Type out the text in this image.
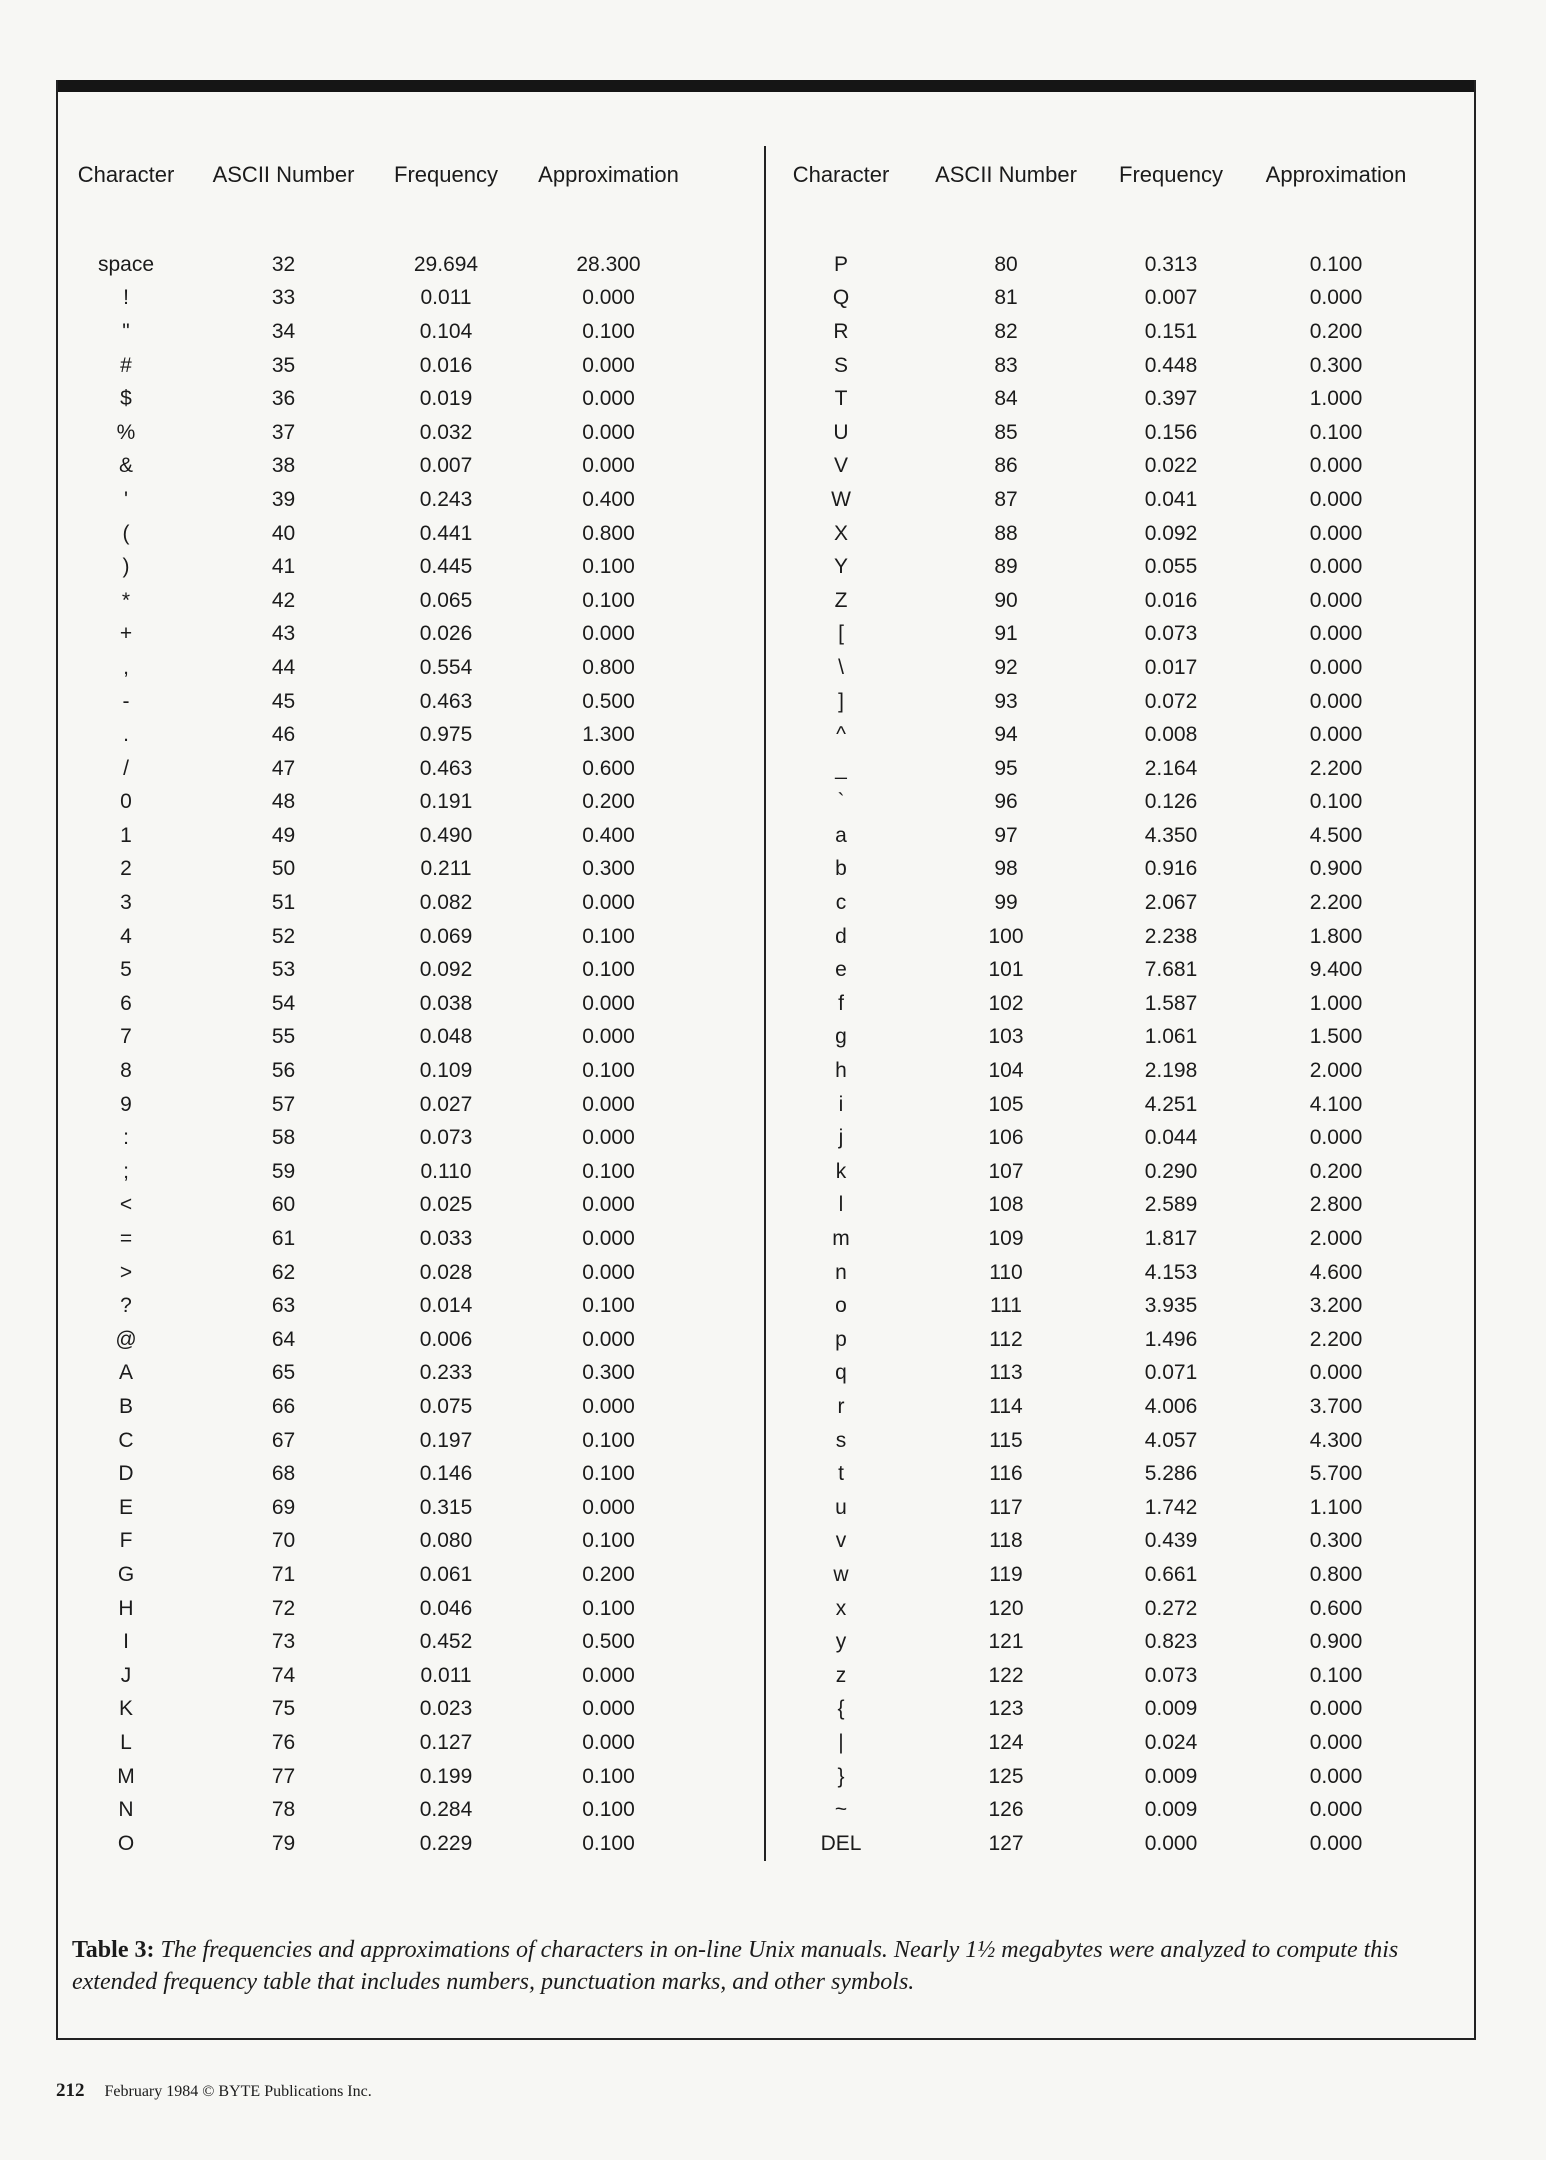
Character	ASCII Number	Frequency	Approximation
space	32	29.694	28.300
!	33	0.011	0.000
"	34	0.104	0.100
#	35	0.016	0.000
$	36	0.019	0.000
%	37	0.032	0.000
&	38	0.007	0.000
'	39	0.243	0.400
(	40	0.441	0.800
)	41	0.445	0.100
*	42	0.065	0.100
+	43	0.026	0.000
,	44	0.554	0.800
-	45	0.463	0.500
.	46	0.975	1.300
/	47	0.463	0.600
0	48	0.191	0.200
1	49	0.490	0.400
2	50	0.211	0.300
3	51	0.082	0.000
4	52	0.069	0.100
5	53	0.092	0.100
6	54	0.038	0.000
7	55	0.048	0.000
8	56	0.109	0.100
9	57	0.027	0.000
:	58	0.073	0.000
;	59	0.110	0.100
<	60	0.025	0.000
=	61	0.033	0.000
>	62	0.028	0.000
?	63	0.014	0.100
@	64	0.006	0.000
A	65	0.233	0.300
B	66	0.075	0.000
C	67	0.197	0.100
D	68	0.146	0.100
E	69	0.315	0.000
F	70	0.080	0.100
G	71	0.061	0.200
H	72	0.046	0.100
I	73	0.452	0.500
J	74	0.011	0.000
K	75	0.023	0.000
L	76	0.127	0.000
M	77	0.199	0.100
N	78	0.284	0.100
O	79	0.229	0.100
Character	ASCII Number	Frequency	Approximation
P	80	0.313	0.100
Q	81	0.007	0.000
R	82	0.151	0.200
S	83	0.448	0.300
T	84	0.397	1.000
U	85	0.156	0.100
V	86	0.022	0.000
W	87	0.041	0.000
X	88	0.092	0.000
Y	89	0.055	0.000
Z	90	0.016	0.000
[	91	0.073	0.000
\	92	0.017	0.000
]	93	0.072	0.000
^	94	0.008	0.000
_	95	2.164	2.200
`	96	0.126	0.100
a	97	4.350	4.500
b	98	0.916	0.900
c	99	2.067	2.200
d	100	2.238	1.800
e	101	7.681	9.400
f	102	1.587	1.000
g	103	1.061	1.500
h	104	2.198	2.000
i	105	4.251	4.100
j	106	0.044	0.000
k	107	0.290	0.200
l	108	2.589	2.800
m	109	1.817	2.000
n	110	4.153	4.600
o	111	3.935	3.200
p	112	1.496	2.200
q	113	0.071	0.000
r	114	4.006	3.700
s	115	4.057	4.300
t	116	5.286	5.700
u	117	1.742	1.100
v	118	0.439	0.300
w	119	0.661	0.800
x	120	0.272	0.600
y	121	0.823	0.900
z	122	0.073	0.100
{	123	0.009	0.000
|	124	0.024	0.000
}	125	0.009	0.000
~	126	0.009	0.000
DEL	127	0.000	0.000
Table 3: The frequencies and approximations of characters in on-line Unix manuals. Nearly 1½ megabytes were analyzed to compute this extended frequency table that includes numbers, punctuation marks, and other symbols.
212 February 1984 © BYTE Publications Inc.
